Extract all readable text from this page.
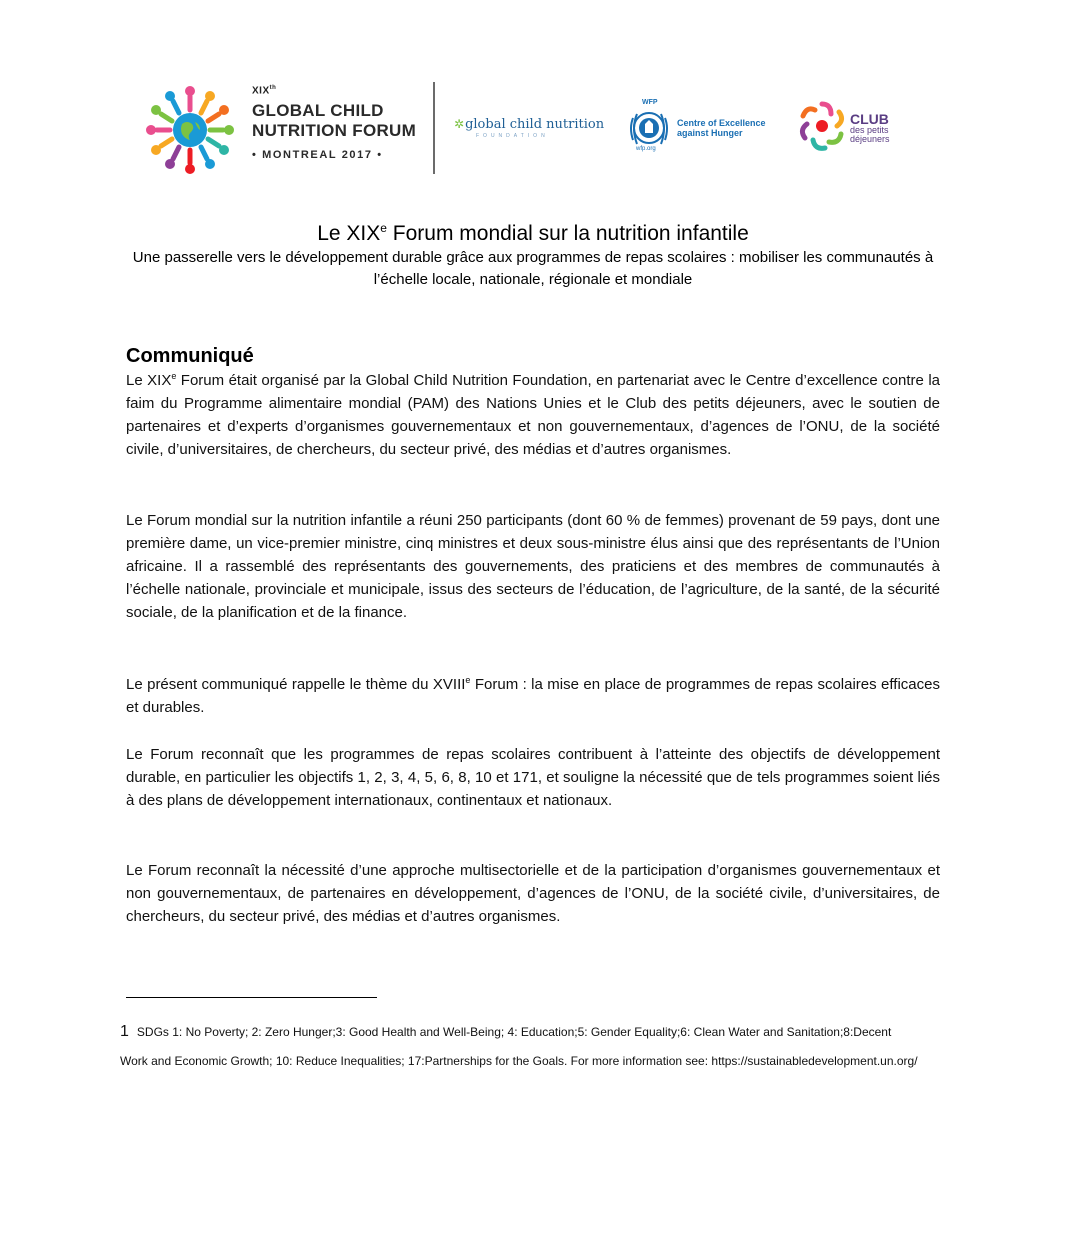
XIXth
GLOBAL CHILD
NUTRITION FORUM
• MONTREAL 2017 •
✲global child nutrition
FOUNDATION
WFP
wfp.org
Centre of Excellence
against Hunger
CLUB
des petits
déjeuners
Le XIXe Forum mondial sur la nutrition infantile
Une passerelle vers le développement durable grâce aux programmes de repas scolaires : mobiliser les communautés à l’échelle locale, nationale, régionale et mondiale
Communiqué

Le XIXe Forum était organisé par la Global Child Nutrition Foundation, en partenariat avec le Centre d’excellence contre la faim du Programme alimentaire mondial (PAM) des Nations Unies et le Club des petits déjeuners, avec le soutien de partenaires et d’experts d’organismes gouvernementaux et non gouvernementaux, d’agences de l’ONU, de la société civile, d’universitaires, de chercheurs, du secteur privé, des médias et d’autres organismes.

Le Forum mondial sur la nutrition infantile a réuni 250 participants (dont 60 % de femmes) provenant de 59 pays, dont une première dame, un vice-premier ministre, cinq ministres et deux sous-ministre élus ainsi que des représentants de l’Union africaine. Il a rassemblé des représentants des gouvernements, des praticiens et des membres de communautés à l’échelle nationale, provinciale et municipale, issus des secteurs de l’éducation, de l’agriculture, de la santé, de la sécurité sociale, de la planification et de la finance.

Le présent communiqué rappelle le thème du XVIIIe Forum : la mise en place de programmes de repas scolaires efficaces et durables.

Le Forum reconnaît que les programmes de repas scolaires contribuent à l’atteinte des objectifs de développement durable, en particulier les objectifs 1, 2, 3, 4, 5, 6, 8, 10 et 171, et souligne la nécessité que de tels programmes soient liés à des plans de développement internationaux, continentaux et nationaux.

Le Forum reconnaît la nécessité d’une approche multisectorielle et de la participation d’organismes gouvernementaux et non gouvernementaux, de partenaires en développement, d’agences de l’ONU, de la société civile, d’universitaires, de chercheurs, du secteur privé, des médias et d’autres organismes.

1 SDGs 1: No Poverty; 2: Zero Hunger;3: Good Health and Well-Being; 4: Education;5: Gender Equality;6: Clean Water and Sanitation;8:Decent Work and Economic Growth; 10: Reduce Inequalities; 17:Partnerships for the Goals. For more information see: https://sustainabledevelopment.un.org/
